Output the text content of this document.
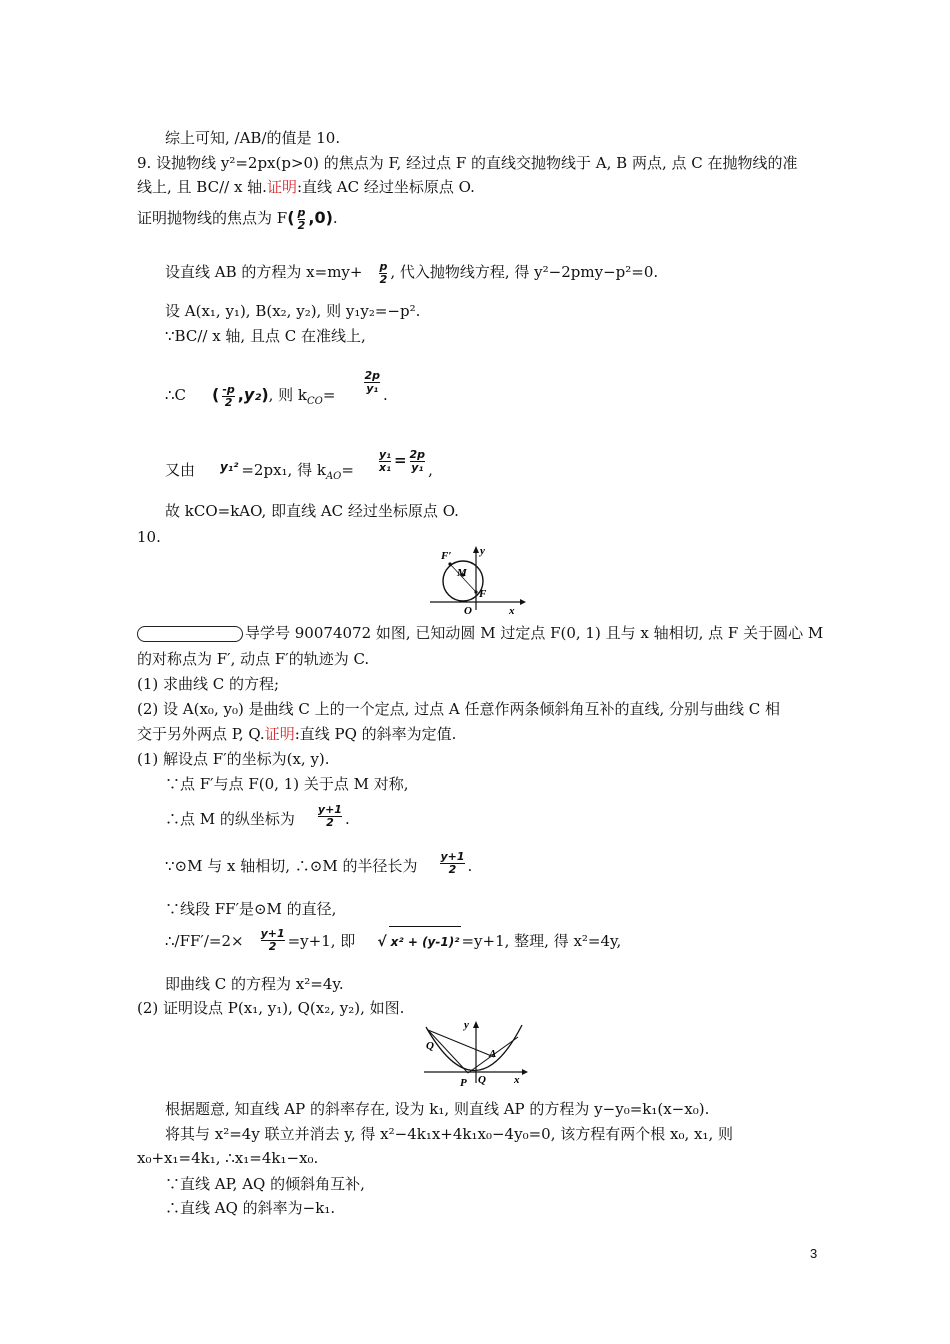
综上可知, /AB/的值是 10.
9. 设抛物线 y²=2px(p>0) 的焦点为 F, 经过点 F 的直线交抛物线于 A, B 两点, 点 C 在抛物线的准
线上, 且 BC// x 轴.证明:直线 AC 经过坐标原点 O.
证明抛物线的焦点为 $F( \frac{p}{2} ,0)$.
设直线 AB 的方程为 $x=my+ \frac{p}{2}$ , 代入抛物线方程, 得 y²−2pmy−p²=0.
设 A(x₁, y₁), B(x₂, y₂), 则 y₁y₂=−p².
∵BC// x 轴, 且点 C 在准线上,
∴C ( $\frac{-p}{2} ,y_2$), 则 $k_{CO}=$
$\frac{2p}{\text{y₁}}$
.
又由 y₁² =2px₁, 得 $k_{AO}= \frac{\text{y₁}}{\text{x₁}} = \frac{2p}{\text{y₁}}$ ,
故 kCO=kAO, 即直线 AC 经过坐标原点 O.
10.
F′
M
F
O	x
y
导学号 90074072 如图, 已知动圆 M 过定点 F(0, 1) 且与 x 轴相切, 点 F 关于圆心 M
的对称点为 F′, 动点 F′的轨迹为 C.
(1) 求曲线 C 的方程;
(2) 设 A(x₀, y₀) 是曲线 C 上的一个定点, 过点 A 任意作两条倾斜角互补的直线, 分别与曲线 C 相
交于另外两点 P, Q.证明:直线 PQ 的斜率为定值.
(1) 解设点 F′的坐标为(x, y).
∵点 F′与点 F(0, 1) 关于点 M 对称,
∴点 M 的纵坐标为 $\frac{y+1}{2}$ .
∵⊙M 与 x 轴相切, ∴⊙M 的半径长为 $\frac{y+1}{2}$ .
∵线段 FF′是⊙M 的直径,
∴/FF′/=2× $\frac{y+1}{2} =y+1$, 即 √ x² + (y-1)² =y+1, 整理, 得 x²=4y,
即曲线 C 的方程为 x²=4y.
(2) 证明设点 P(x₁, y₁), Q(x₂, y₂), 如图.
Q
A
P Q	x
y
根据题意, 知直线 AP 的斜率存在, 设为 k₁, 则直线 AP 的方程为 y−y₀=k₁(x−x₀).
将其与 x²=4y 联立并消去 y, 得 x²−4k₁x+4k₁x₀−4y₀=0, 该方程有两个根 x₀, x₁, 则
x₀+x₁=4k₁, ∴x₁=4k₁−x₀.
∵直线 AP, AQ 的倾斜角互补,
∴直线 AQ 的斜率为−k₁.
3
